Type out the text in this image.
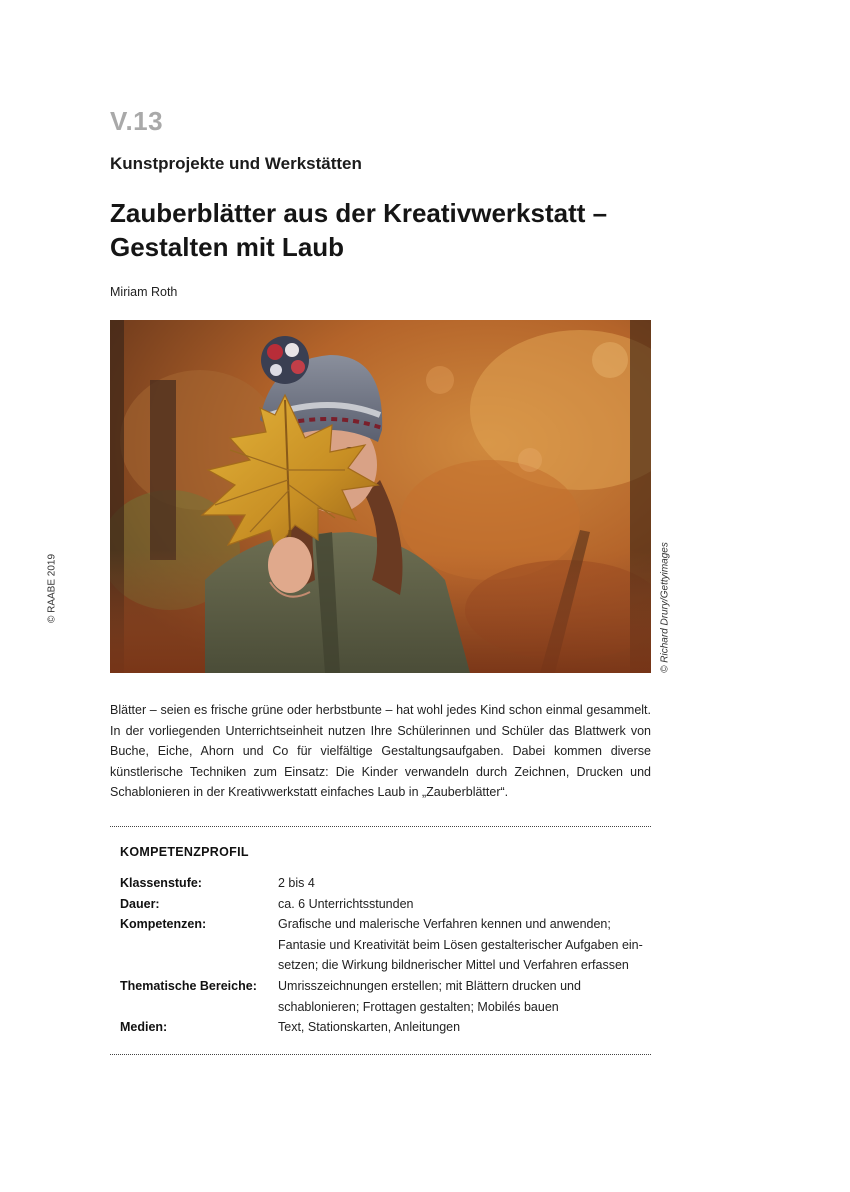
V.13
Kunstprojekte und Werkstätten
Zauberblätter aus der Kreativwerkstatt –
Gestalten mit Laub
Miriam Roth
© RAABE 2019	© Richard Drury/Gettyimages
Blätter – seien es frische grüne oder herbstbunte – hat wohl jedes Kind schon einmal gesammelt. In der vorliegenden Unterrichtseinheit nutzen Ihre Schülerinnen und Schüler das Blattwerk von Buche, Eiche, Ahorn und Co für vielfältige Gestaltungsaufgaben. Dabei kommen diverse künstlerische Techniken zum Einsatz: Die Kinder verwandeln durch Zeichnen, Drucken und Schablonieren in der Kreativwerkstatt einfaches Laub in „Zauberblätter“.
KOMPETENZPROFIL
Klassenstufe:	2 bis 4
Dauer:	ca. 6 Unterrichtsstunden
Kompetenzen:	Grafische und malerische Verfahren kennen und anwenden;
Fantasie und Kreativität beim Lösen gestalterischer Aufgaben ein-
setzen; die Wirkung bildnerischer Mittel und Verfahren erfassen
Thematische Bereiche:	Umrisszeichnungen erstellen; mit Blättern drucken und
schablonieren; Frottagen gestalten; Mobilés bauen
Medien:	Text, Stationskarten, Anleitungen
